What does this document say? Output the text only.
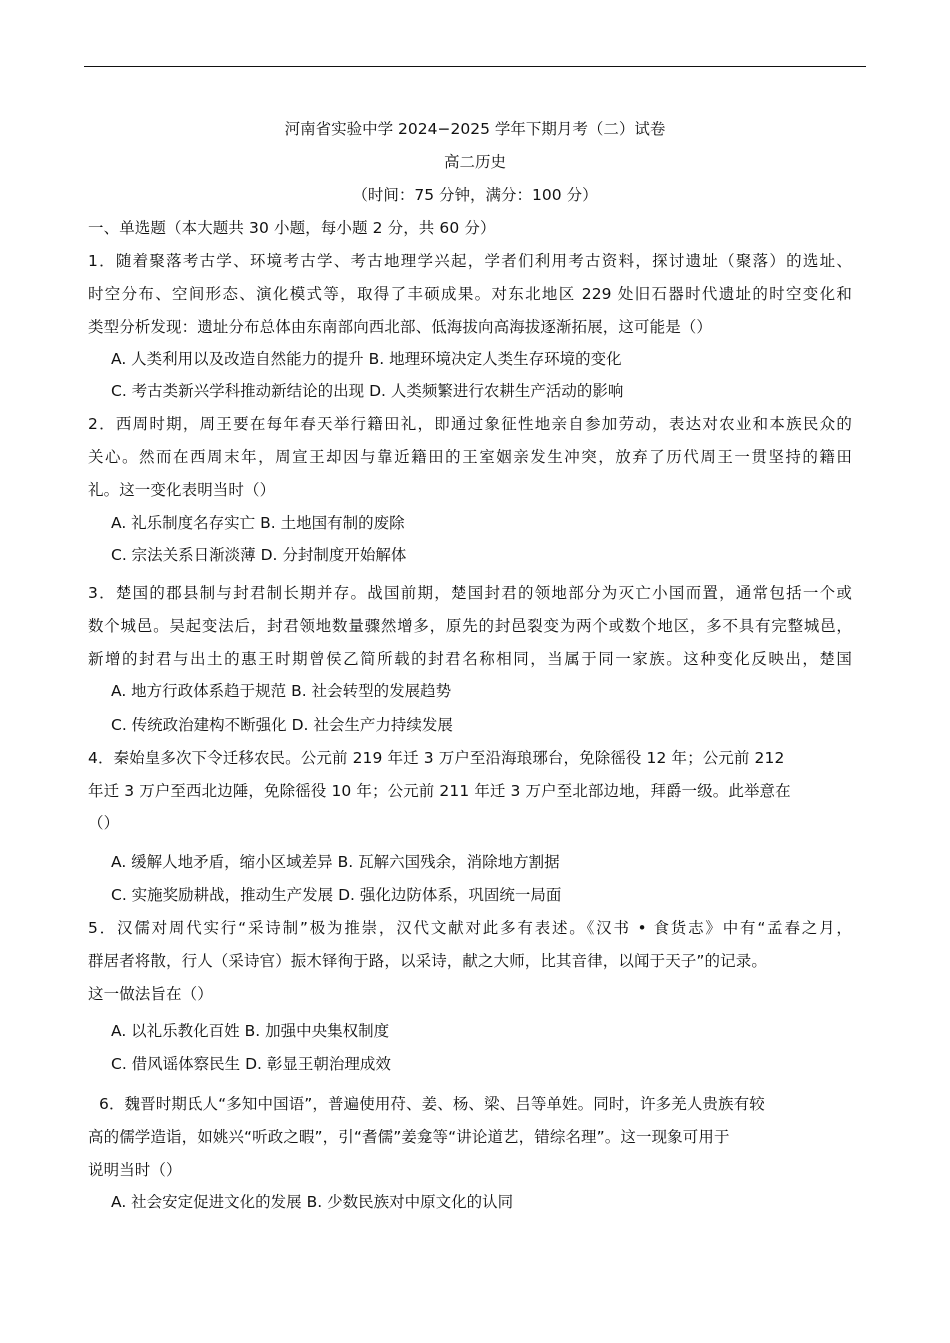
河南省实验中学 2024−2025 学年下期月考（二）试卷
高二历史
（时间：75 分钟，满分：100 分）
一、单选题（本大题共 30 小题，每小题 2 分，共 60 分）
1．随着聚落考古学、环境考古学、考古地理学兴起，学者们利用考古资料，探讨遗址（聚落）的选址、
时空分布、空间形态、演化模式等，取得了丰硕成果。对东北地区 229 处旧石器时代遗址的时空变化和
类型分析发现：遗址分布总体由东南部向西北部、低海拔向高海拔逐渐拓展，这可能是（）
A. 人类利用以及改造自然能力的提升 B. 地理环境决定人类生存环境的变化
C. 考古类新兴学科推动新结论的出现 D. 人类频繁进行农耕生产活动的影响
2．西周时期，周王要在每年春天举行籍田礼，即通过象征性地亲自参加劳动，表达对农业和本族民众的
关心。然而在西周末年，周宣王却因与靠近籍田的王室姻亲发生冲突，放弃了历代周王一贯坚持的籍田
礼。这一变化表明当时（）
A. 礼乐制度名存实亡 B. 土地国有制的废除
C. 宗法关系日渐淡薄 D. 分封制度开始解体
3．楚国的郡县制与封君制长期并存。战国前期，楚国封君的领地部分为灭亡小国而置，通常包括一个或
数个城邑。吴起变法后，封君领地数量骤然增多，原先的封邑裂变为两个或数个地区，多不具有完整城邑，
新增的封君与出土的惠王时期曾侯乙简所载的封君名称相同，当属于同一家族。这种变化反映出，楚国
A. 地方行政体系趋于规范 B. 社会转型的发展趋势
C. 传统政治建构不断强化 D. 社会生产力持续发展
4．秦始皇多次下令迁移农民。公元前 219 年迁 3 万户至沿海琅琊台，免除徭役 12 年；公元前 212
年迁 3 万户至西北边陲，免除徭役 10 年；公元前 211 年迁 3 万户至北部边地，拜爵一级。此举意在
（）
A. 缓解人地矛盾，缩小区域差异 B. 瓦解六国残余，消除地方割据
C. 实施奖励耕战，推动生产发展 D. 强化边防体系，巩固统一局面
5．汉儒对周代实行“采诗制”极为推崇，汉代文献对此多有表述。《汉书 • 食货志》中有“孟春之月，
群居者将散，行人（采诗官）振木铎徇于路，以采诗，献之大师，比其音律，以闻于天子”的记录。
这一做法旨在（）
A. 以礼乐教化百姓 B. 加强中央集权制度
C. 借风谣体察民生 D. 彰显王朝治理成效
6．魏晋时期氐人“多知中国语”，普遍使用苻、姜、杨、梁、吕等单姓。同时，许多羌人贵族有较
高的儒学造诣，如姚兴“听政之暇”，引“耆儒”姜龛等“讲论道艺，错综名理”。这一现象可用于
说明当时（）
A. 社会安定促进文化的发展 B. 少数民族对中原文化的认同
